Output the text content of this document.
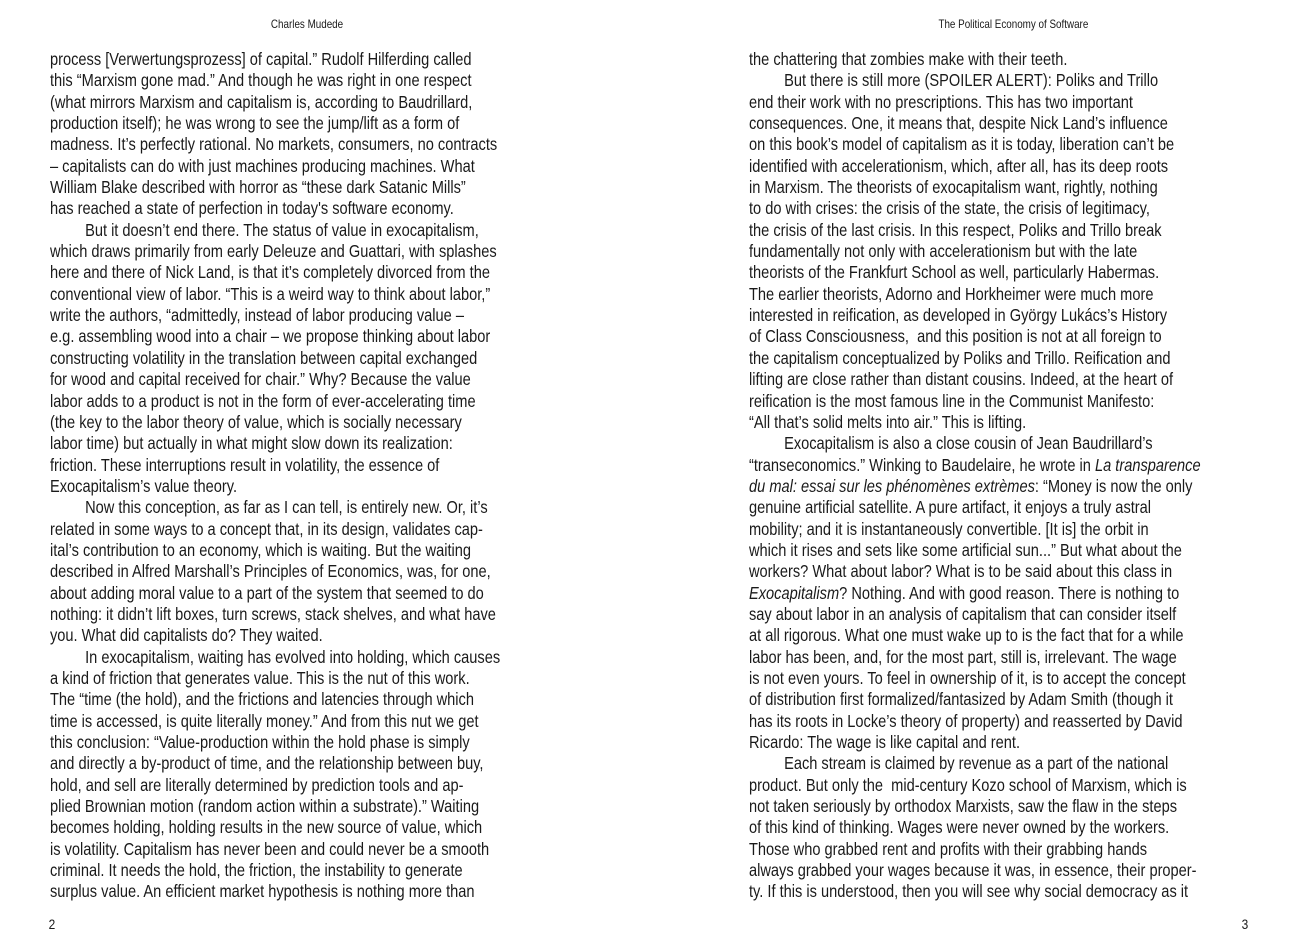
Charles Mudede
process [Verwertungsprozess] of capital.” Rudolf Hilferding called
this “Marxism gone mad.” And though he was right in one respect
(what mirrors Marxism and capitalism is, according to Baudrillard,
production itself); he was wrong to see the jump/lift as a form of
madness. It’s perfectly rational. No markets, consumers, no contracts
– capitalists can do with just machines producing machines. What
William Blake described with horror as “these dark Satanic Mills”
has reached a state of perfection in today's software economy.
But it doesn’t end there. The status of value in exocapitalism,
which draws primarily from early Deleuze and Guattari, with splashes
here and there of Nick Land, is that it’s completely divorced from the
conventional view of labor. “This is a weird way to think about labor,”
write the authors, “admittedly, instead of labor producing value –
e.g. assembling wood into a chair – we propose thinking about labor
constructing volatility in the translation between capital exchanged
for wood and capital received for chair.” Why? Because the value
labor adds to a product is not in the form of ever-accelerating time
(the key to the labor theory of value, which is socially necessary
labor time) but actually in what might slow down its realization:
friction. These interruptions result in volatility, the essence of
Exocapitalism’s value theory.
Now this conception, as far as I can tell, is entirely new. Or, it’s
related in some ways to a concept that, in its design, validates cap-
ital’s contribution to an economy, which is waiting. But the waiting
described in Alfred Marshall’s Principles of Economics, was, for one,
about adding moral value to a part of the system that seemed to do
nothing: it didn’t lift boxes, turn screws, stack shelves, and what have
you. What did capitalists do? They waited.
In exocapitalism, waiting has evolved into holding, which causes
a kind of friction that generates value. This is the nut of this work.
The “time (the hold), and the frictions and latencies through which
time is accessed, is quite literally money.” And from this nut we get
this conclusion: “Value-production within the hold phase is simply
and directly a by-product of time, and the relationship between buy,
hold, and sell are literally determined by prediction tools and ap-
plied Brownian motion (random action within a substrate).” Waiting
becomes holding, holding results in the new source of value, which
is volatility. Capitalism has never been and could never be a smooth
criminal. It needs the hold, the friction, the instability to generate
surplus value. An efficient market hypothesis is nothing more than
2
The Political Economy of Software
the chattering that zombies make with their teeth.
But there is still more (SPOILER ALERT): Poliks and Trillo
end their work with no prescriptions. This has two important
consequences. One, it means that, despite Nick Land’s influence
on this book’s model of capitalism as it is today, liberation can’t be
identified with accelerationism, which, after all, has its deep roots
in Marxism. The theorists of exocapitalism want, rightly, nothing
to do with crises: the crisis of the state, the crisis of legitimacy,
the crisis of the last crisis. In this respect, Poliks and Trillo break
fundamentally not only with accelerationism but with the late
theorists of the Frankfurt School as well, particularly Habermas.
The earlier theorists, Adorno and Horkheimer were much more
interested in reification, as developed in György Lukács’s History
of Class Consciousness,  and this position is not at all foreign to
the capitalism conceptualized by Poliks and Trillo. Reification and
lifting are close rather than distant cousins. Indeed, at the heart of
reification is the most famous line in the Communist Manifesto:
“All that’s solid melts into air.” This is lifting.
Exocapitalism is also a close cousin of Jean Baudrillard’s
“transeconomics.” Winking to Baudelaire, he wrote in La transparence
du mal: essai sur les phénomènes extrèmes: “Money is now the only
genuine artificial satellite. A pure artifact, it enjoys a truly astral
mobility; and it is instantaneously convertible. [It is] the orbit in
which it rises and sets like some artificial sun...” But what about the
workers? What about labor? What is to be said about this class in
Exocapitalism? Nothing. And with good reason. There is nothing to
say about labor in an analysis of capitalism that can consider itself
at all rigorous. What one must wake up to is the fact that for a while
labor has been, and, for the most part, still is, irrelevant. The wage
is not even yours. To feel in ownership of it, is to accept the concept
of distribution first formalized/fantasized by Adam Smith (though it
has its roots in Locke’s theory of property) and reasserted by David
Ricardo: The wage is like capital and rent.
Each stream is claimed by revenue as a part of the national
product. But only the  mid-century Kozo school of Marxism, which is
not taken seriously by orthodox Marxists, saw the flaw in the steps
of this kind of thinking. Wages were never owned by the workers.
Those who grabbed rent and profits with their grabbing hands
always grabbed your wages because it was, in essence, their proper-
ty. If this is understood, then you will see why social democracy as it
3
